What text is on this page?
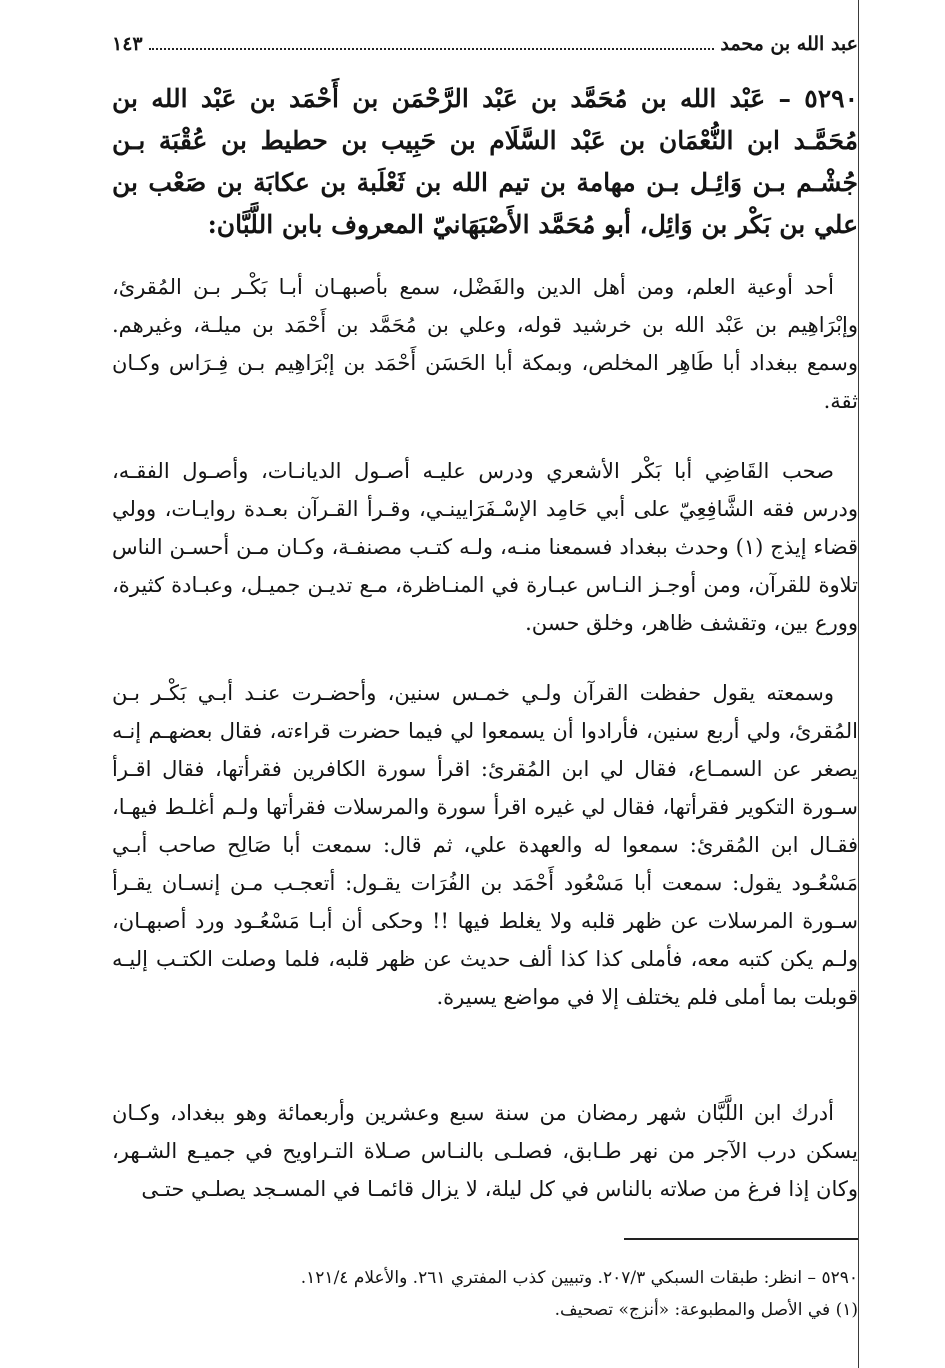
عبد الله بن محمد
١٤٣
٥٢٩٠ – عَبْد الله بن مُحَمَّد بن عَبْد الرَّحْمَن بن أَحْمَد بن عَبْد الله بن مُحَمَّـد ابن النُّعْمَان بن عَبْد السَّلَام بن حَبِيب بن حطيط بن عُقْبَة بـن جُشْـم بـن وَائِـل بـن مهامة بن تيم الله بن ثَعْلَبة بن عكابَة بن صَعْب بن علي بن بَكْر بن وَائِل، أبو مُحَمَّد الأَصْبَهَانيّ المعروف بابن اللَّبَّان:
أحد أوعية العلم، ومن أهل الدين والفَضْل، سمع بأصبهـان أبـا بَكْـر بـن المُقرئ، وإبْرَاهِيم بن عَبْد الله بن خرشيد قوله، وعلي بن مُحَمَّد بن أَحْمَد بن ميلـة، وغيرهم. وسمع ببغداد أبا طَاهِر المخلص، وبمكة أبا الحَسَن أَحْمَد بن إبْرَاهِيم بـن فِـرَاس وكـان ثقة.
صحب القَاضِي أبا بَكْر الأشعري ودرس عليـه أصـول الديانـات، وأصـول الفقـه، ودرس فقه الشَّافِعِيّ على أبي حَامِد الإسْـفَرَايينـي، وقـرأ القـرآن بعـدة روايـات، وولي قضاء إيذج (١) وحدث ببغداد فسمعنا منـه، ولـه كتـب مصنفـة، وكـان مـن أحسـن الناس تلاوة للقرآن، ومن أوجـز النـاس عبـارة في المنـاظرة، مـع تديـن جميـل، وعبـادة كثيرة، وورع بين، وتقشف ظاهر، وخلق حسن.
وسمعته يقول حفظت القرآن ولـي خمـس سنين، وأحضـرت عنـد أبـي بَكْـر بـن المُقرئ، ولي أربع سنين، فأرادوا أن يسمعوا لي فيما حضرت قراءته، فقال بعضهـم إنـه يصغر عن السمـاع، فقال لي ابن المُقرئ: اقرأ سورة الكافرين فقرأتها، فقال اقـرأ سـورة التكوير فقرأتها، فقال لي غيره اقرأ سورة والمرسلات فقرأتها ولـم أغلـط فيهـا، فقـال ابن المُقرئ: سمعوا له والعهدة علي، ثم قال: سمعت أبا صَالِح صاحب أبـي مَسْعُـود يقول: سمعت أبا مَسْعُود أَحْمَد بن الفُرَات يقـول: أتعجـب مـن إنسـان يقـرأ سـورة المرسلات عن ظهر قلبه ولا يغلط فيها !! وحكى أن أبـا مَسْعُـود ورد أصبهـان، ولـم يكن كتبه معه، فأملى كذا كذا ألف حديث عن ظهر قلبه، فلما وصلت الكتـب إليـه قوبلت بما أملى فلم يختلف إلا في مواضع يسيرة.
أدرك ابن اللَّبَّان شهر رمضان من سنة سبع وعشرين وأربعمائة وهو ببغداد، وكـان يسكن درب الآجر من نهر طـابق، فصلـى بالنـاس صـلاة التـراويح في جميـع الشـهر، وكان إذا فرغ من صلاته بالناس في كل ليلة، لا يزال قائمـا في المسـجد يصلـي حتـى
٥٢٩٠ – انظر: طبقات السبكي ٢٠٧/٣. وتبيين كذب المفتري ٢٦١. والأعلام ١٢١/٤.
(١) في الأصل والمطبوعة: «أنزج» تصحيف.
